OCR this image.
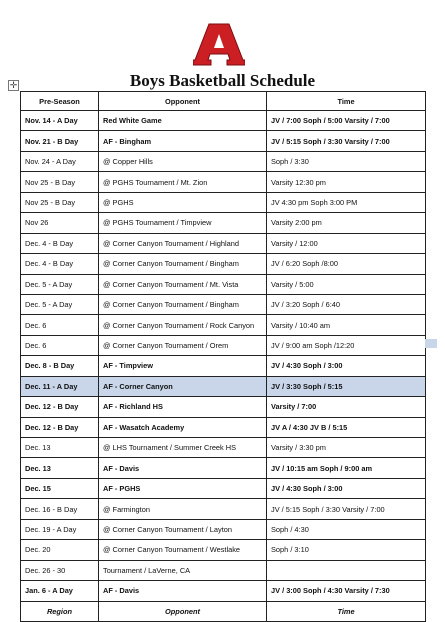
✛	Boys Basketball Schedule
Pre-Season	Opponent	Time
Nov. 14 - A Day	Red White Game	JV / 7:00 Soph / 5:00 Varsity / 7:00
Nov. 21 - B Day	AF - Bingham	JV / 5:15 Soph / 3:30 Varsity / 7:00
Nov. 24 - A Day	@ Copper Hills	Soph / 3:30
Nov 25 - B Day	@ PGHS Tournament / Mt. Zion	Varsity 12:30 pm
Nov 25 - B Day	@ PGHS	JV 4:30 pm Soph 3:00 PM
Nov 26	@ PGHS Tournament / Timpview	Varsity 2:00 pm
Dec. 4 - B Day	@ Corner Canyon Tournament / Highland	Varsity / 12:00
Dec. 4 - B Day	@ Corner Canyon Tournament / Bingham	JV / 6:20 Soph /8:00
Dec. 5 - A Day	@ Corner Canyon Tournament / Mt. Vista	Varsity / 5:00
Dec. 5 - A Day	@ Corner Canyon Tournament / Bingham	JV / 3:20 Soph / 6:40
Dec. 6	@ Corner Canyon Tournament / Rock Canyon	Varsity / 10:40 am
Dec. 6	@ Corner Canyon Tournament / Orem	JV / 9:00 am Soph /12:20
Dec. 8 - B Day	AF - Timpview	JV / 4:30 Soph / 3:00
Dec. 11 - A Day	AF - Corner Canyon	JV / 3:30 Soph / 5:15
Dec. 12 - B Day	AF - Richland HS	Varsity / 7:00
Dec. 12 - B Day	AF - Wasatch Academy	JV A / 4:30 JV B / 5:15
Dec. 13	@ LHS Tournament / Summer Creek HS	Varsity / 3:30 pm
Dec. 13	AF - Davis	JV / 10:15 am Soph / 9:00 am
Dec. 15	AF - PGHS	JV / 4:30 Soph / 3:00
Dec. 16 - B Day	@ Farmington	JV / 5:15 Soph / 3:30 Varsity / 7:00
Dec. 19 - A Day	@ Corner Canyon Tournament / Layton	Soph / 4:30
Dec. 20	@ Corner Canyon Tournament / Westlake	Soph / 3:10
Dec. 26 - 30	Tournament / LaVerne, CA	
Jan. 6 - A Day	AF - Davis	JV / 3:00 Soph / 4:30 Varsity / 7:30
Region	Opponent	Time
